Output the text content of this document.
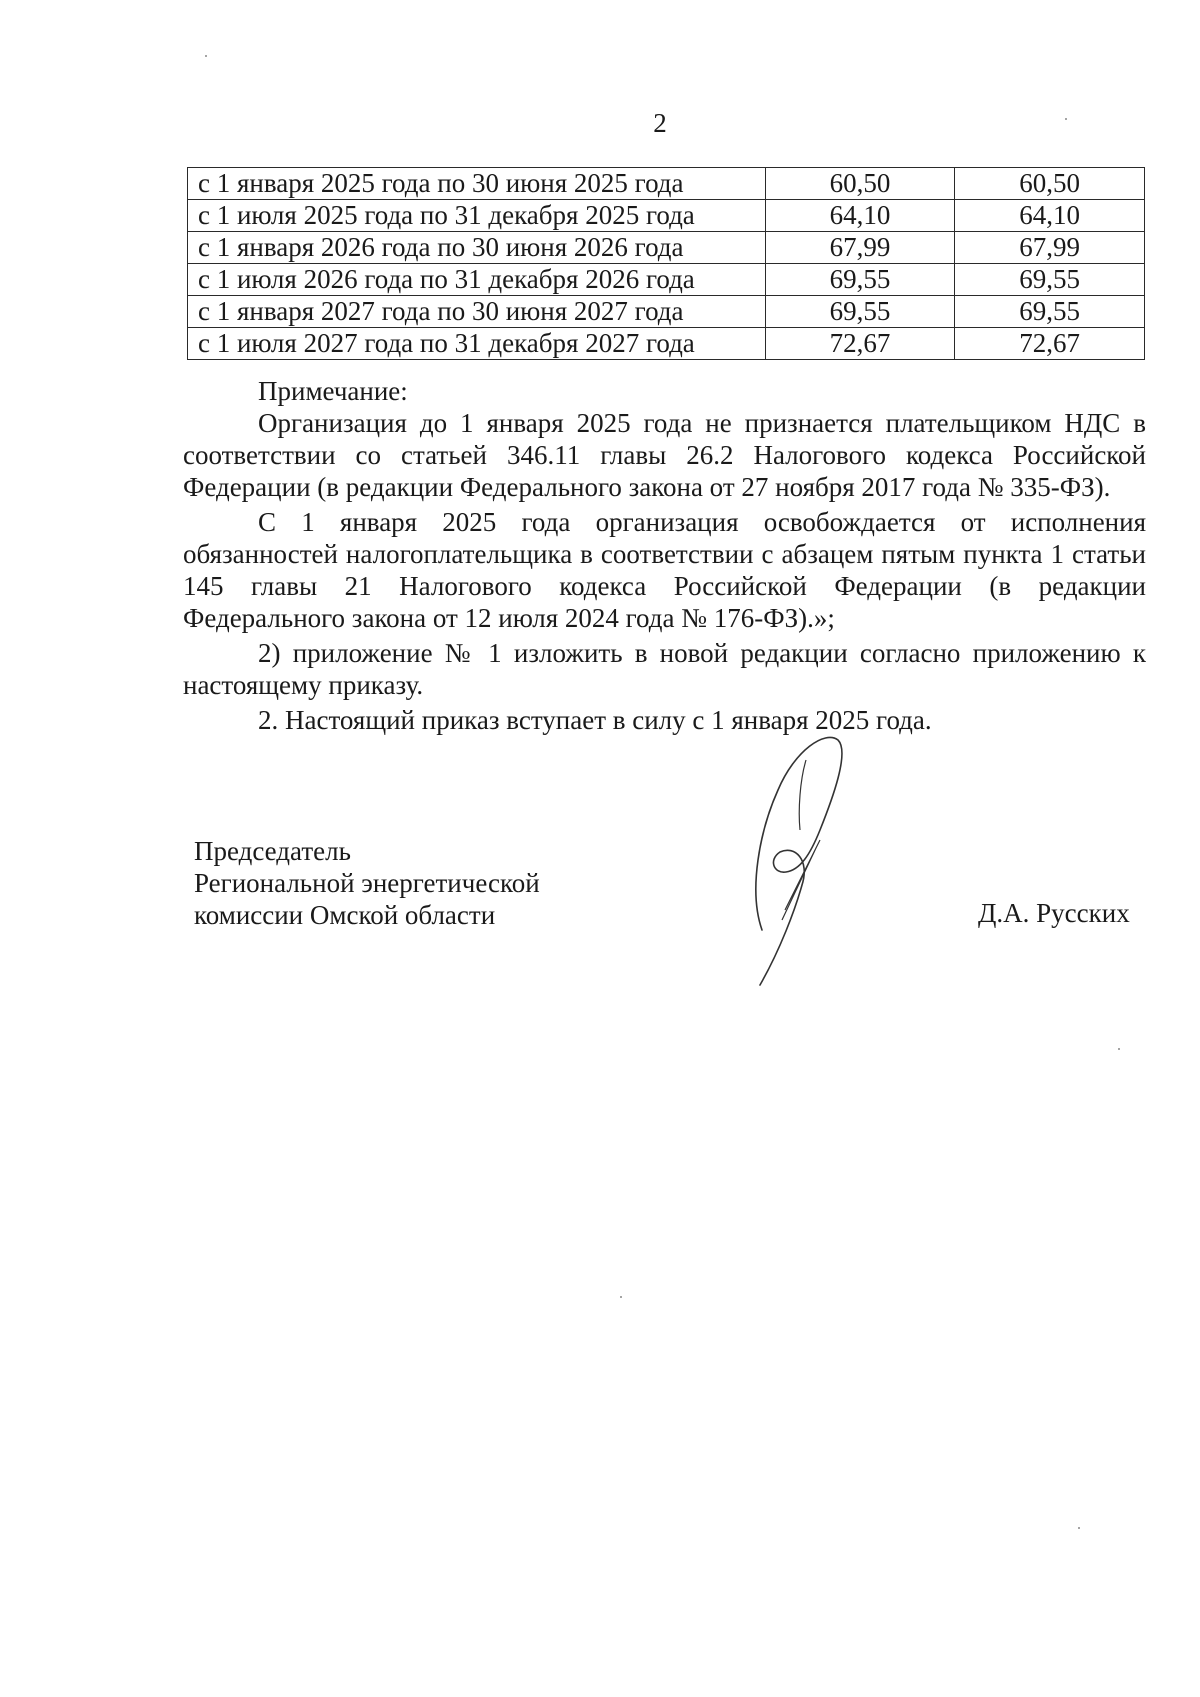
2
с 1 января 2025 года по 30 июня 2025 года	60,50	60,50
с 1 июля 2025 года по 31 декабря 2025 года	64,10	64,10
с 1 января 2026 года по 30 июня 2026 года	67,99	67,99
с 1 июля 2026 года по 31 декабря 2026 года	69,55	69,55
с 1 января 2027 года по 30 июня 2027 года	69,55	69,55
с 1 июля 2027 года по 31 декабря 2027 года	72,67	72,67

Примечание:

Организация до 1 января 2025 года не признается плательщиком НДС в соответствии со статьей 346.11 главы 26.2 Налогового кодекса Российской Федерации (в редакции Федерального закона от 27 ноября 2017 года № 335-ФЗ).

С 1 января 2025 года организация освобождается от исполнения обязанностей налогоплательщика в соответствии с абзацем пятым пункта 1 статьи 145 главы 21 Налогового кодекса Российской Федерации (в редакции Федерального закона от 12 июля 2024 года № 176-ФЗ).»;

2) приложение № 1 изложить в новой редакции согласно приложению к настоящему приказу.

2. Настоящий приказ вступает в силу с 1 января 2025 года.

Председатель
Региональной энергетической
комиссии Омской области	Д.А. Русских
